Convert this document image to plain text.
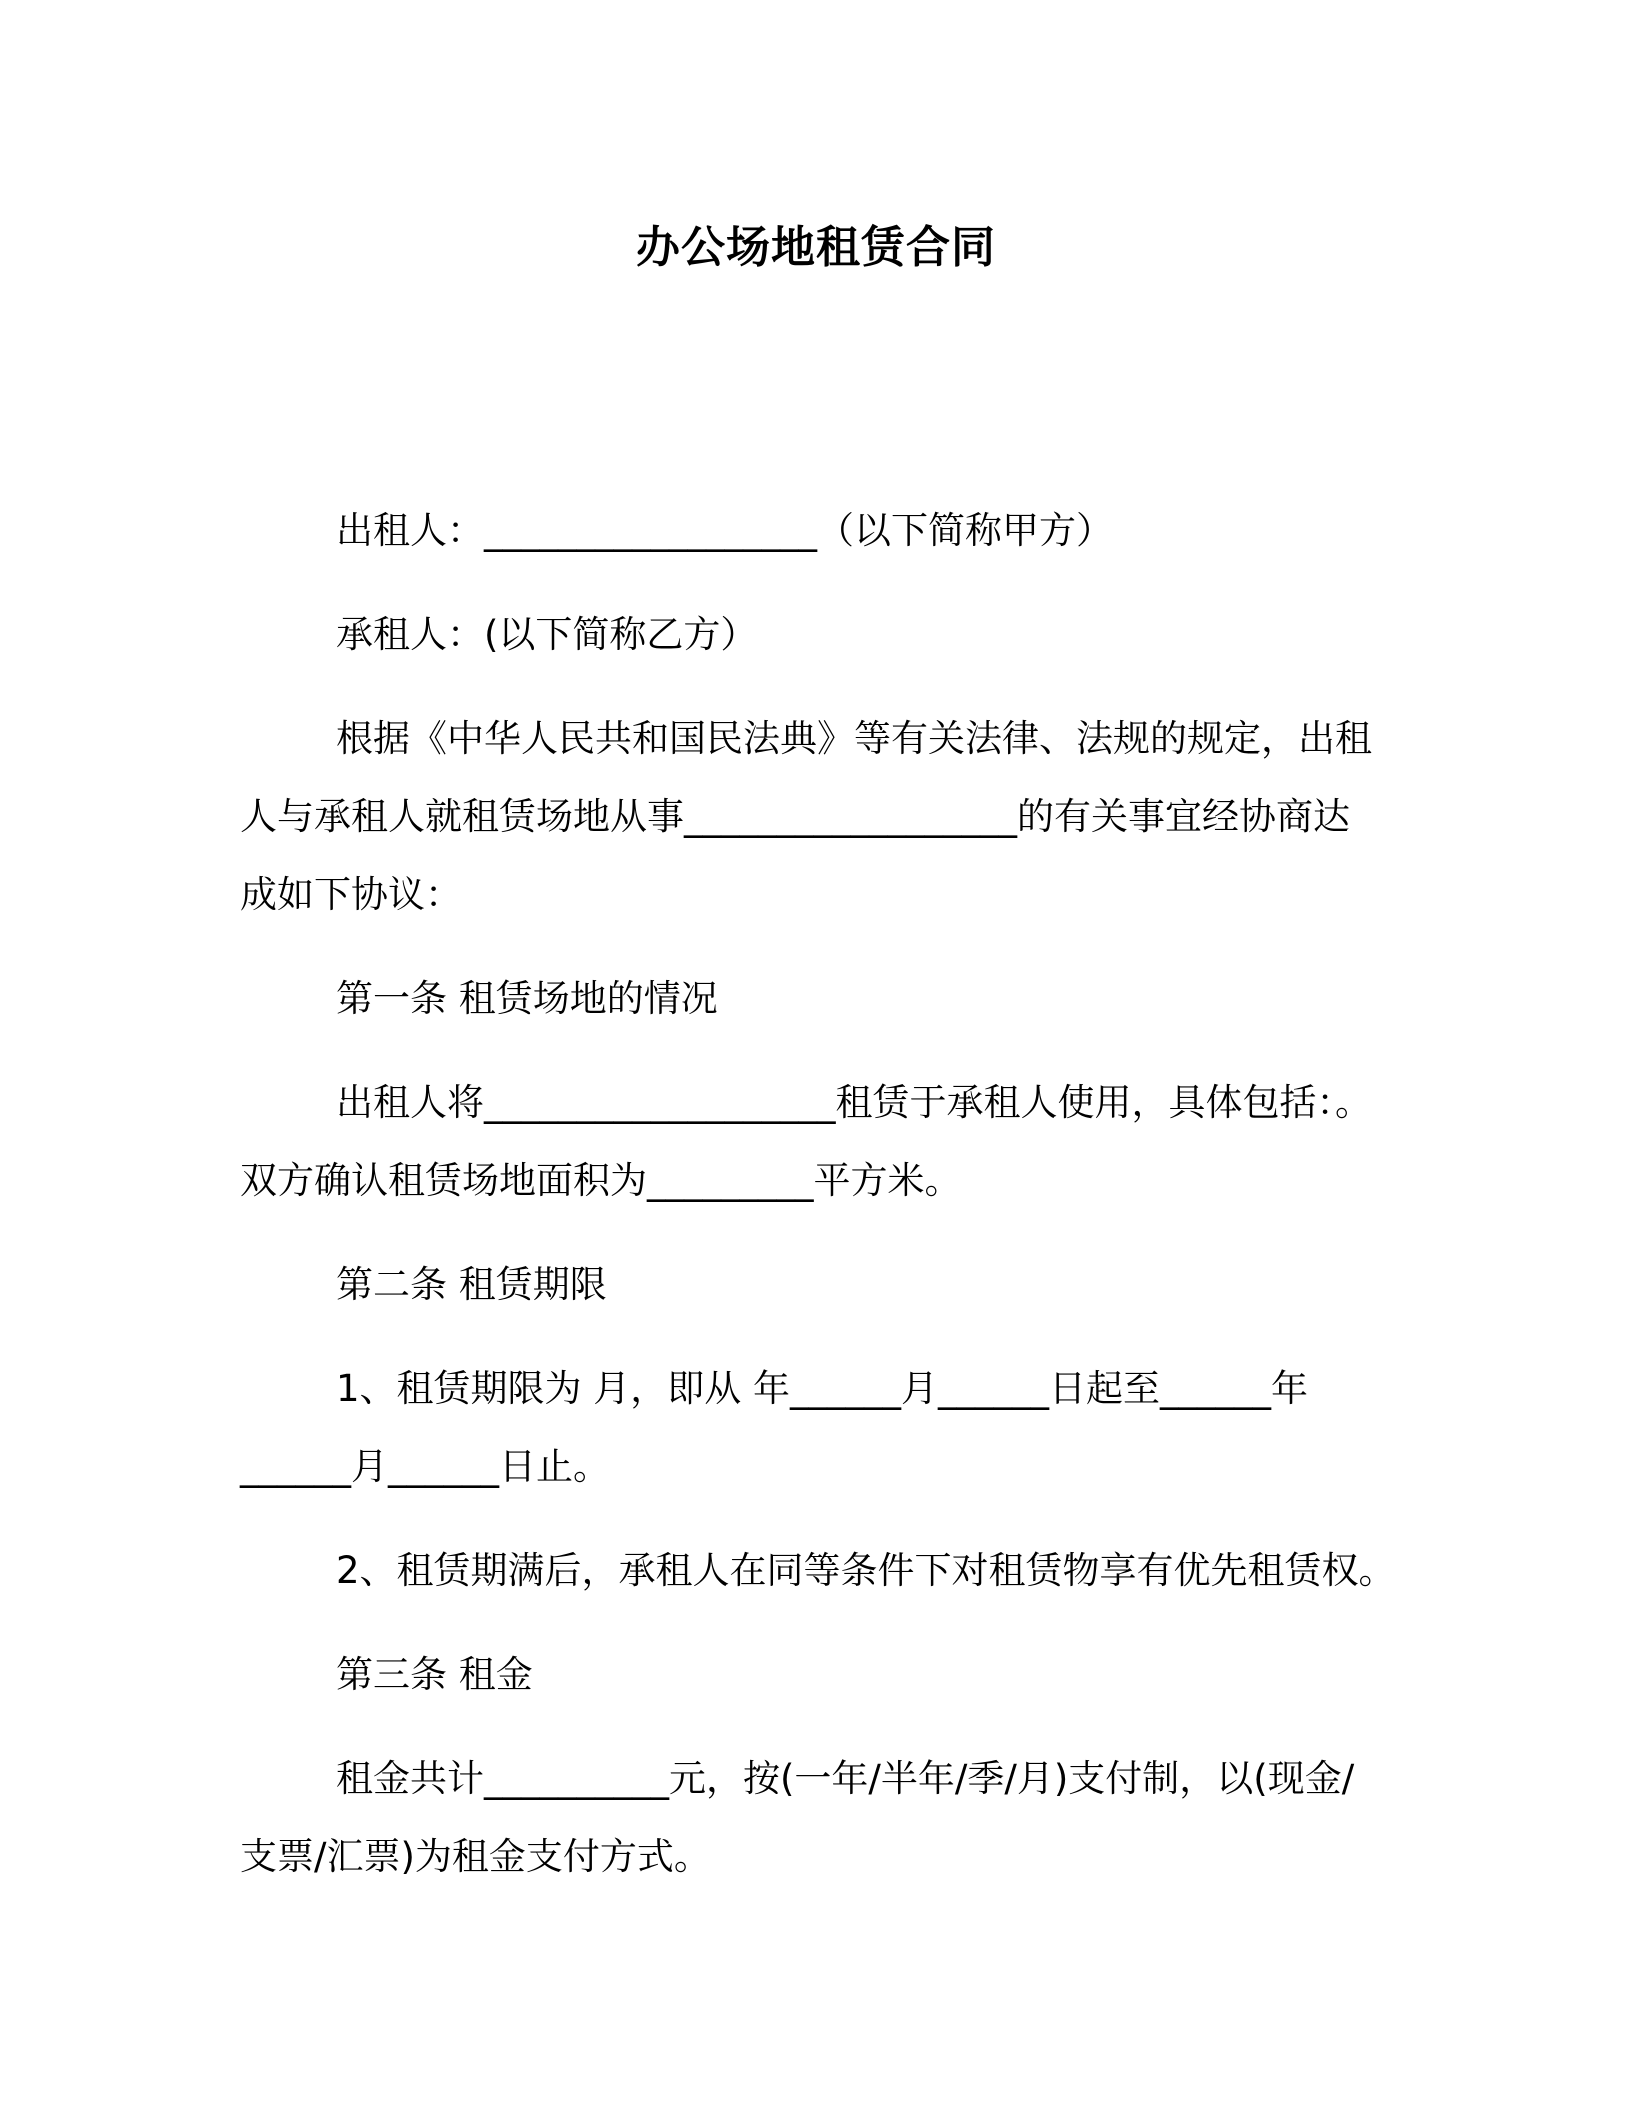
办公场地租赁合同
出租人：__________________（以下简称甲方）
承租人：(以下简称乙方）
根据《中华人民共和国民法典》等有关法律、法规的规定，出租
人与承租人就租赁场地从事__________________的有关事宜经协商达
成如下协议：
第一条 租赁场地的情况
出租人将___________________租赁于承租人使用，具体包括：。
双方确认租赁场地面积为_________平方米。
第二条 租赁期限
1、租赁期限为 月，即从 年______月______日起至______年
______月______日止。
2、租赁期满后，承租人在同等条件下对租赁物享有优先租赁权。
第三条 租金
租金共计__________元，按(一年/半年/季/月)支付制，以(现金/
支票/汇票)为租金支付方式。
